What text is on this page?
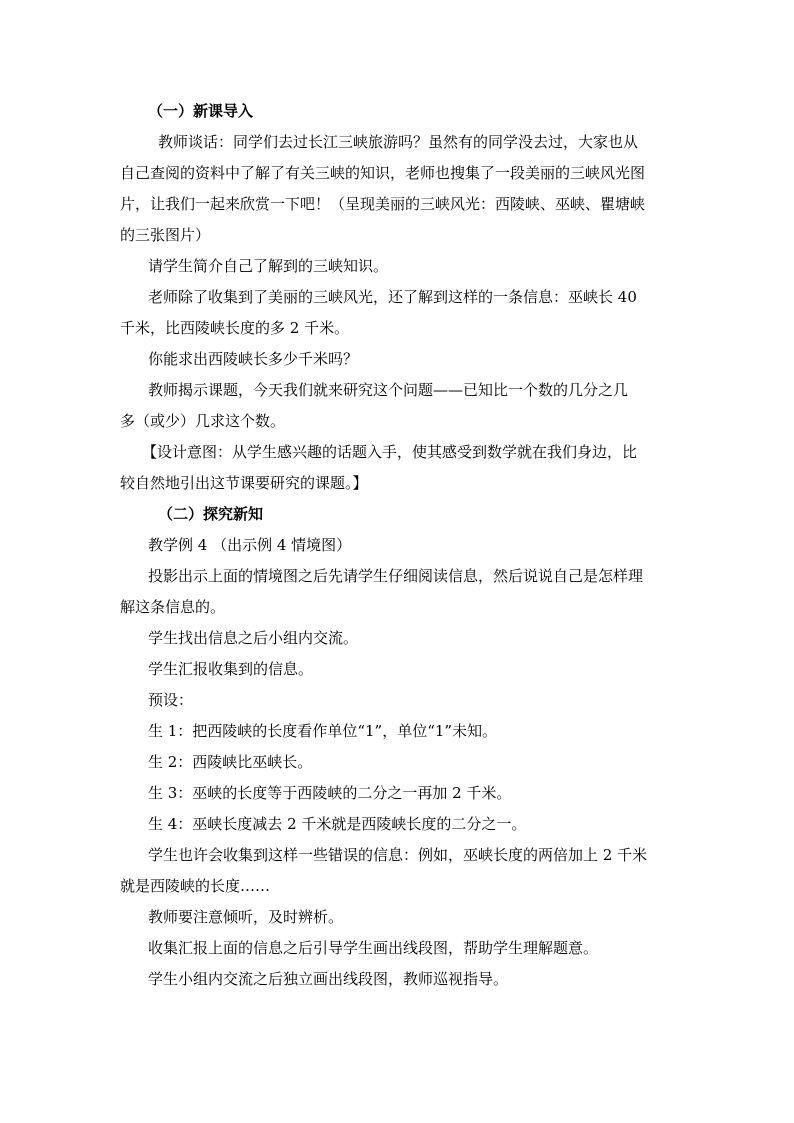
（一）新课导入

教师谈话：同学们去过长江三峡旅游吗？虽然有的同学没去过，大家也从
自己查阅的资料中了解了有关三峡的知识，老师也搜集了一段美丽的三峡风光图
片，让我们一起来欣赏一下吧！（呈现美丽的三峡风光：西陵峡、巫峡、瞿塘峡
的三张图片）
请学生简介自己了解到的三峡知识。
老师除了收集到了美丽的三峡风光，还了解到这样的一条信息：巫峡长 40
千米，比西陵峡长度的多 2 千米。
你能求出西陵峡长多少千米吗？
教师揭示课题，今天我们就来研究这个问题——已知比一个数的几分之几
多（或少）几求这个数。
【设计意图：从学生感兴趣的话题入手，使其感受到数学就在我们身边，比
较自然地引出这节课要研究的课题。】

（二）探究新知

教学例 4 （出示例 4 情境图）
投影出示上面的情境图之后先请学生仔细阅读信息，然后说说自己是怎样理
解这条信息的。
学生找出信息之后小组内交流。
学生汇报收集到的信息。
预设：
生 1：把西陵峡的长度看作单位“1”，单位“1”未知。
生 2：西陵峡比巫峡长。
生 3：巫峡的长度等于西陵峡的二分之一再加 2 千米。
生 4：巫峡长度减去 2 千米就是西陵峡长度的二分之一。
学生也许会收集到这样一些错误的信息：例如，巫峡长度的两倍加上 2 千米
就是西陵峡的长度……
教师要注意倾听，及时辨析。
收集汇报上面的信息之后引导学生画出线段图，帮助学生理解题意。
学生小组内交流之后独立画出线段图，教师巡视指导。
